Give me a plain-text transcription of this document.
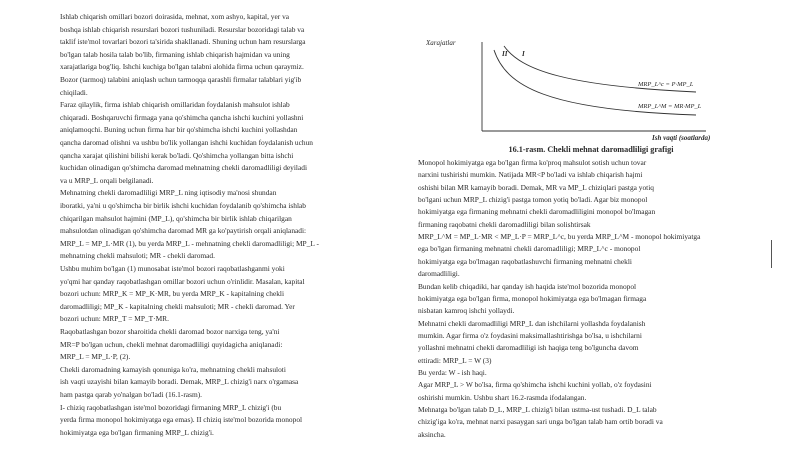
Ishlab chiqarish omillari bozori doirasida, mehnat, xom ashyo, kapital, yer va
boshqa ishlab chiqarish resurslari bozori tushuniladi. Resurslar bozoridagi talab va
taklif iste'mol tovarlari bozori ta'sirida shakllanadi. Shuning uchun ham resurslarga
bo'lgan talab hosila talab bo'lib, firmaning ishlab chiqarish hajmidan va uning
xarajatlariga bog'liq. Ishchi kuchiga bo'lgan talabni alohida firma uchun qaraymiz.
Bozor (tarmoq) talabini aniqlash uchun tarmoqqa qarashli firmalar talablari yig'ib
chiqiladi.
Faraz qilaylik, firma ishlab chiqarish omillaridan foydalanish mahsulot ishlab
chiqaradi. Boshqaruvchi firmaga yana qo'shimcha qancha ishchi kuchini yollashni
aniqlamoqchi. Buning uchun firma har bir qo'shimcha ishchi kuchini yollashdan
qancha daromad olishni va ushbu bo'lik yollangan ishchi kuchidan foydalanish uchun
qancha xarajat qilishini bilishi kerak bo'ladi. Qo'shimcha yollangan bitta ishchi
kuchidan olinadigan qo'shimcha daromad mehnatning chekli daromadliligi deyiladi
va u MRP_L orqali belgilanadi.
Mehnatning chekli daromadliligi MRP_L ning iqtisodiy ma'nosi shundan
iboratki, ya'ni u qo'shimcha bir birlik ishchi kuchidan foydalanib qo'shimcha ishlab
chiqarilgan mahsulot hajmini (MP_L), qo'shimcha bir birlik ishlab chiqarilgan
mahsulotdan olinadigan qo'shimcha daromad MR ga ko'paytirish orqali aniqlanadi:
MRP_L = MP_L·MR (1), bu yerda MRP_L - mehnatning chekli daromadliligi; MP_L -
mehnatning chekli mahsuloti; MR - chekli daromad.
Ushbu muhim bo'lgan (1) munosabat iste'mol bozori raqobatlashganmi yoki
yo'qmi har qanday raqobatlashgan omillar bozori uchun o'rinlidir. Masalan, kapital
bozori uchun: MRP_K = MP_K·MR, bu yerda MRP_K - kapitalning chekli
daromadliligi; MP_K - kapitalning chekli mahsuloti; MR - chekli daromad. Yer
bozori uchun: MRP_T = MP_T·MR.
Raqobatlashgan bozor sharoitida chekli daromad bozor narxiga teng, ya'ni
MR=P bo'lgan uchun, chekli mehnat daromadliligi quyidagicha aniqlanadi:
MRP_L = MP_L·P, (2).
Chekli daromadning kamayish qonuniga ko'ra, mehnatning chekli mahsuloti
ish vaqti uzayishi bilan kamayib boradi. Demak, MRP_L chizig'i narx o'rgamasa
ham pastga qarab yo'nalgan bo'ladi (16.1-rasm).
I- chiziq raqobatlashgan iste'mol bozoridagi firmaning MRP_L chizig'i (bu
yerda firma monopol hokimiyatga ega emas). II chiziq iste'mol bozorida monopol
hokimiyatga ega bo'lgan firmaning MRP_L chizig'i.
Monopol hokimiyatga ega bo'lgan firma ko'proq mahsulot sotish uchun tovar
narxini tushirishi mumkin. Natijada MR<P bo'ladi va ishlab chiqarish hajmi
oshishi bilan MR kamayib boradi. Demak, MR va MP_L chiziqlari pastga yotiq
bo'lgani uchun MRP_L chizig'i pastga tomon yotiq bo'ladi. Agar biz monopol
hokimiyatga ega firmaning mehnatni chekli daromadliligini monopol bo'lmagan
firmaning raqobatni chekli daromadliligi bilan solishtirsak
MRP_L^M = MP_L·MR < MP_L·P = MRP_L^c, bu yerda MRP_L^M - monopol hokimiyatga
ega bo'lgan firmaning mehnatni chekli daromadliligi; MRP_L^c - monopol
hokimiyatga ega bo'lmagan raqobatlashuvchi firmaning mehnatni chekli
daromadliligi.
Bundan kelib chiqadiki, har qanday ish haqida iste'mol bozorida monopol
hokimiyatga ega bo'lgan firma, monopol hokimiyatga ega bo'lmagan firmaga
nisbatan kamroq ishchi yollaydi.
Mehnatni chekli daromadliligi MRP_L dan ishchilarni yollashda foydalanish
mumkin. Agar firma o'z foydasini maksimallashtirishga bo'lsa, u ishchilarni
yollashni mehnatni chekli daromadliligi ish haqiga teng bo'lguncha davom
ettiradi: MRP_L = W (3)
Bu yerda: W - ish haqi.
Agar MRP_L > W bo'lsa, firma qo'shimcha ishchi kuchini yollab, o'z foydasini
oshirishi mumkin. Ushbu shart 16.2-rasmda ifodalangan.
Mehnatga bo'lgan talab D_L, MRP_L chizig'i bilan ustma-ust tushadi. D_L talab
chizig'iga ko'ra, mehnat narxi pasaygan sari unga bo'lgan talab ham ortib boradi va
aksincha.
Xarajatlar
II I
MRP_L^c = P·MP_L
MRP_L^M = MR·MP_L
Ish vaqti (soatlarda)
16.1-rasm. Chekli mehnat daromadliligi grafigi
